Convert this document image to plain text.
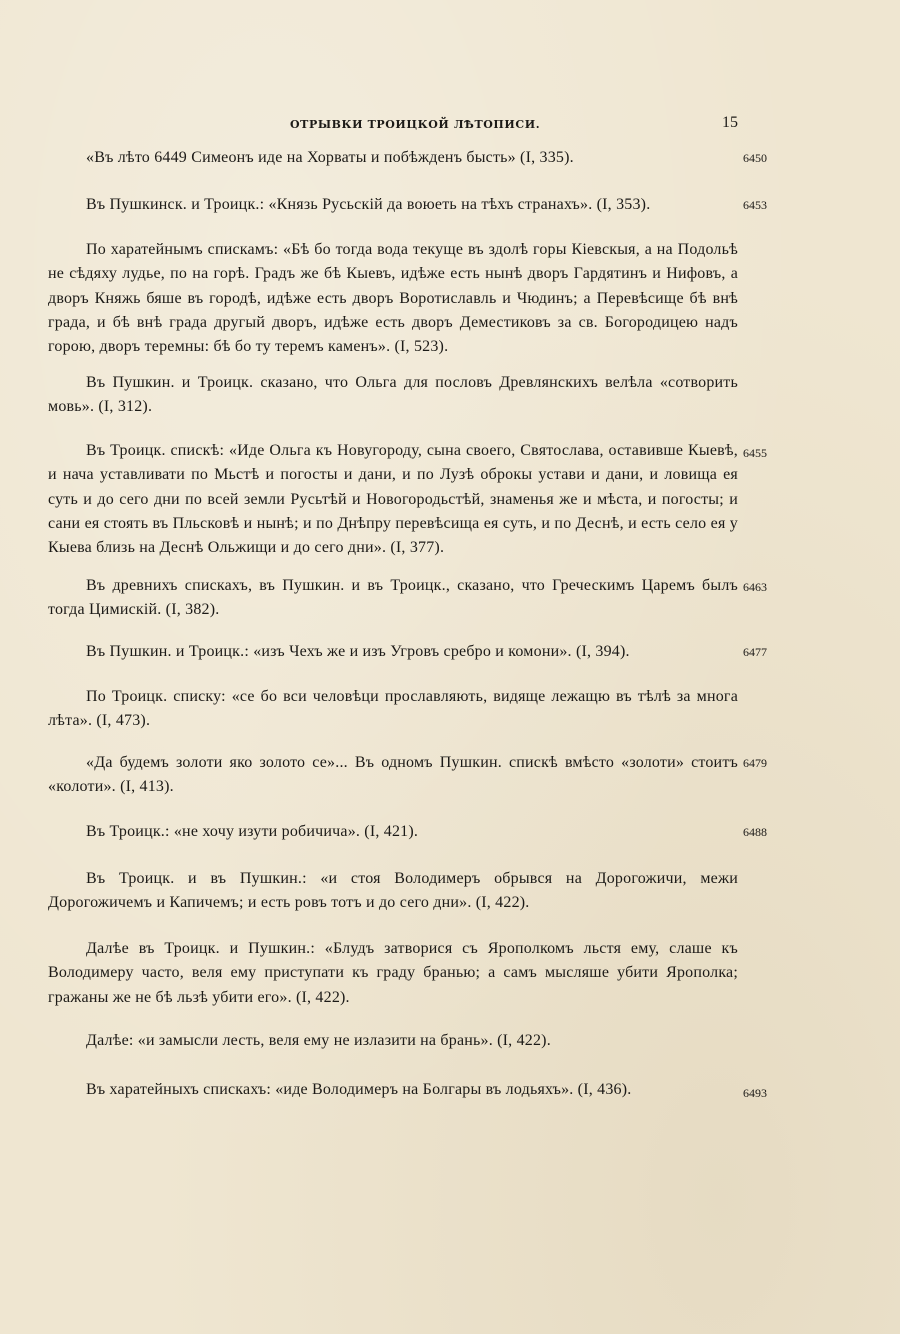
ОТРЫВКИ ТРОИЦКОЙ ЛѢТОПИСИ.	15

«Въ лѣто 6449 Симеонъ иде на Хорваты и побѣжденъ бысть» (I, 335).	6450

Въ Пушкинск. и Троицк.: «Князь Русьскій да воюеть на тѣхъ странахъ». (I, 353).	6453

По харатейнымъ спискамъ: «Бѣ бо тогда вода текуще въ здолѣ горы Кіевскыя, а на Подольѣ не сѣдяху лудье, по на горѣ. Градъ же бѣ Кыевъ, идѣже есть нынѣ дворъ Гардятинъ и Нифовъ, а дворъ Княжь бяше въ городѣ, идѣже есть дворъ Воротиславль и Чюдинъ; а Перевѣсище бѣ внѣ града, и бѣ внѣ града другый дворъ, идѣже есть дворъ Деместиковъ за св. Богородицею надъ горою, дворъ теремны: бѣ бо ту теремъ каменъ». (I, 523).

Въ Пушкин. и Троицк. сказано, что Ольга для пословъ Древлянскихъ велѣла «сотворить мовь». (I, 312).

Въ Троицк. спискѣ: «Иде Ольга къ Новугороду, сына своего, Святослава, оставивше Кыевѣ, и нача уставливати по Мьстѣ и погосты и дани, и по Лузѣ оброкы устави и дани, и ловища ея суть и до сего дни по всей земли Русьтѣй и Новогородьстѣй, знаменья же и мѣста, и погосты; и сани ея стоять въ Пльсковѣ и нынѣ; и по Днѣпру перевѣсища ея суть, и по Деснѣ, и есть село ея у Кыева близь на Деснѣ Ольжищи и до сего дни». (I, 377).

6455

Въ древнихъ спискахъ, въ Пушкин. и въ Троицк., сказано, что Греческимъ Царемъ былъ тогда Цимискій. (I, 382).

6463

Въ Пушкин. и Троицк.: «изъ Чехъ же и изъ Угровъ сребро и комони». (I, 394).	6477

По Троицк. списку: «се бо вси человѣци прославляють, видяще лежащю въ тѣлѣ за многа лѣта». (I, 473).

«Да будемъ золоти яко золото се»... Въ одномъ Пушкин. спискѣ вмѣсто «золоти» стоитъ «колоти». (I, 413).

6479

Въ Троицк.: «не хочу изути робичича». (I, 421).	6488

Въ Троицк. и въ Пушкин.: «и стоя Володимеръ обрывся на Дорогожичи, межи Дорогожичемъ и Капичемъ; и есть ровъ тотъ и до сего дни». (I, 422).

Далѣе въ Троицк. и Пушкин.: «Блудъ затворися съ Ярополкомъ льстя ему, слаше къ Володимеру часто, веля ему приступати къ граду бранью; а самъ мысляше убити Ярополка; гражаны же не бѣ льзѣ убити его». (I, 422).

Далѣе: «и замысли лесть, веля ему не излазити на брань». (I, 422).

Въ харатейныхъ спискахъ: «иде Володимеръ на Болгары въ лодьяхъ». (I, 436).	6493
